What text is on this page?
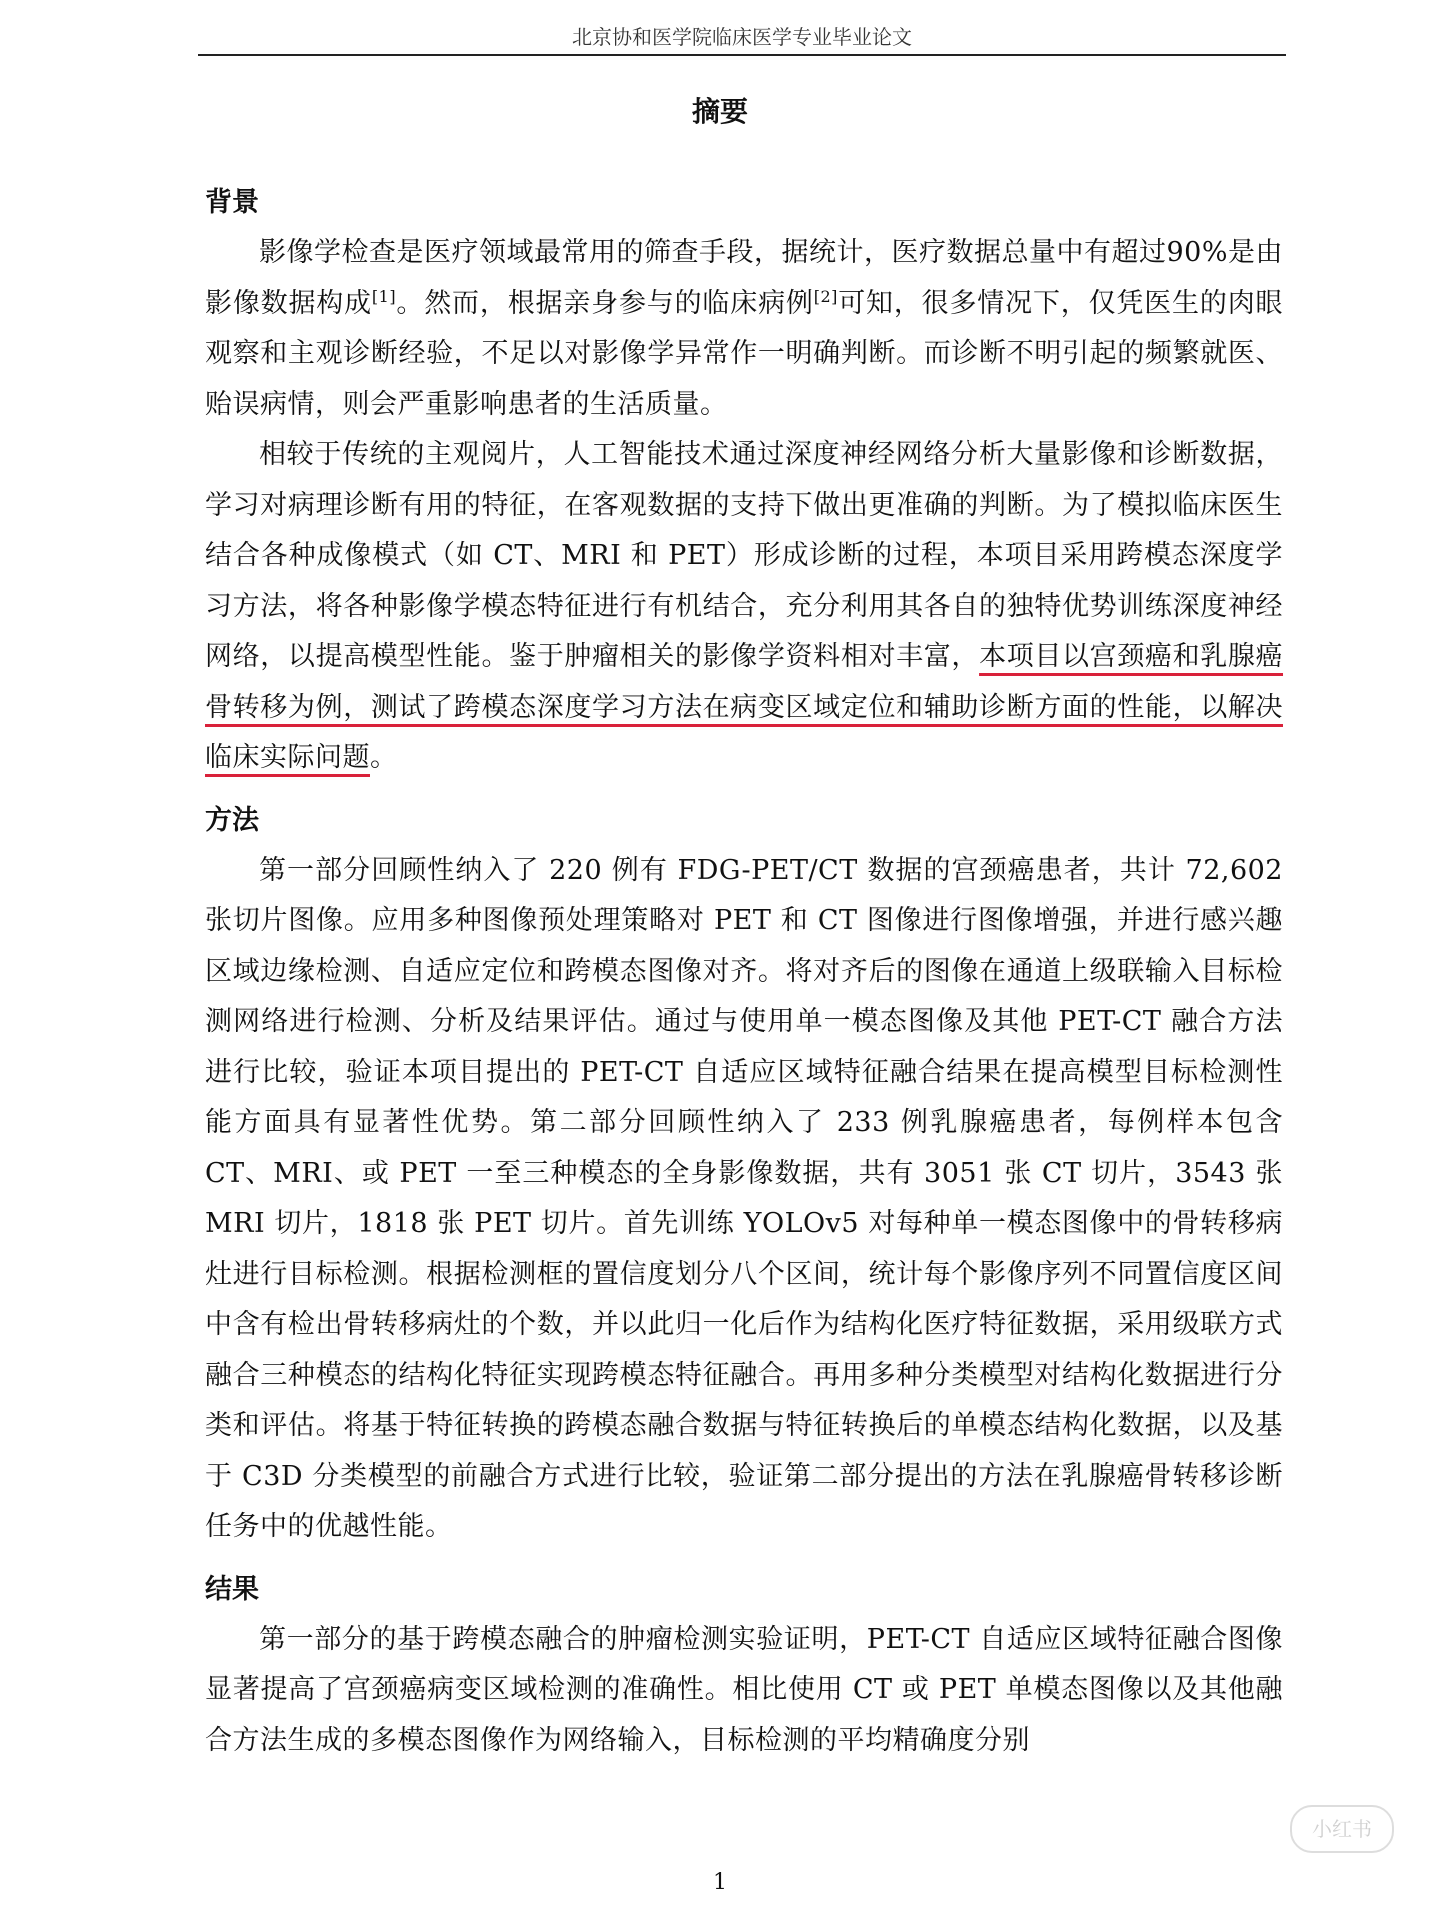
北京协和医学院临床医学专业毕业论文
摘要
背景

影像学检查是医疗领域最常用的筛查手段，据统计，医疗数据总量中有超过90%是由影像数据构成[1]。然而，根据亲身参与的临床病例[2]可知，很多情况下，仅凭医生的肉眼观察和主观诊断经验，不足以对影像学异常作一明确判断。而诊断不明引起的频繁就医、贻误病情，则会严重影响患者的生活质量。

相较于传统的主观阅片，人工智能技术通过深度神经网络分析大量影像和诊断数据，学习对病理诊断有用的特征，在客观数据的支持下做出更准确的判断。为了模拟临床医生结合各种成像模式（如 CT、MRI 和 PET）形成诊断的过程，本项目采用跨模态深度学习方法，将各种影像学模态特征进行有机结合，充分利用其各自的独特优势训练深度神经网络，以提高模型性能。鉴于肿瘤相关的影像学资料相对丰富，本项目以宫颈癌和乳腺癌骨转移为例，测试了跨模态深度学习方法在病变区域定位和辅助诊断方面的性能，以解决临床实际问题。

方法

第一部分回顾性纳入了 220 例有 FDG-PET/CT 数据的宫颈癌患者，共计 72,602 张切片图像。应用多种图像预处理策略对 PET 和 CT 图像进行图像增强，并进行感兴趣区域边缘检测、自适应定位和跨模态图像对齐。将对齐后的图像在通道上级联输入目标检测网络进行检测、分析及结果评估。通过与使用单一模态图像及其他 PET-CT 融合方法进行比较，验证本项目提出的 PET-CT 自适应区域特征融合结果在提高模型目标检测性能方面具有显著性优势。第二部分回顾性纳入了 233 例乳腺癌患者，每例样本包含 CT、MRI、或 PET 一至三种模态的全身影像数据，共有 3051 张 CT 切片，3543 张 MRI 切片，1818 张 PET 切片。首先训练 YOLOv5 对每种单一模态图像中的骨转移病灶进行目标检测。根据检测框的置信度划分八个区间，统计每个影像序列不同置信度区间中含有检出骨转移病灶的个数，并以此归一化后作为结构化医疗特征数据，采用级联方式融合三种模态的结构化特征实现跨模态特征融合。再用多种分类模型对结构化数据进行分类和评估。将基于特征转换的跨模态融合数据与特征转换后的单模态结构化数据，以及基于 C3D 分类模型的前融合方式进行比较，验证第二部分提出的方法在乳腺癌骨转移诊断任务中的优越性能。

结果

第一部分的基于跨模态融合的肿瘤检测实验证明，PET-CT 自适应区域特征融合图像显著提高了宫颈癌病变区域检测的准确性。相比使用 CT 或 PET 单模态图像以及其他融合方法生成的多模态图像作为网络输入，目标检测的平均精确度分别

小红书
1
